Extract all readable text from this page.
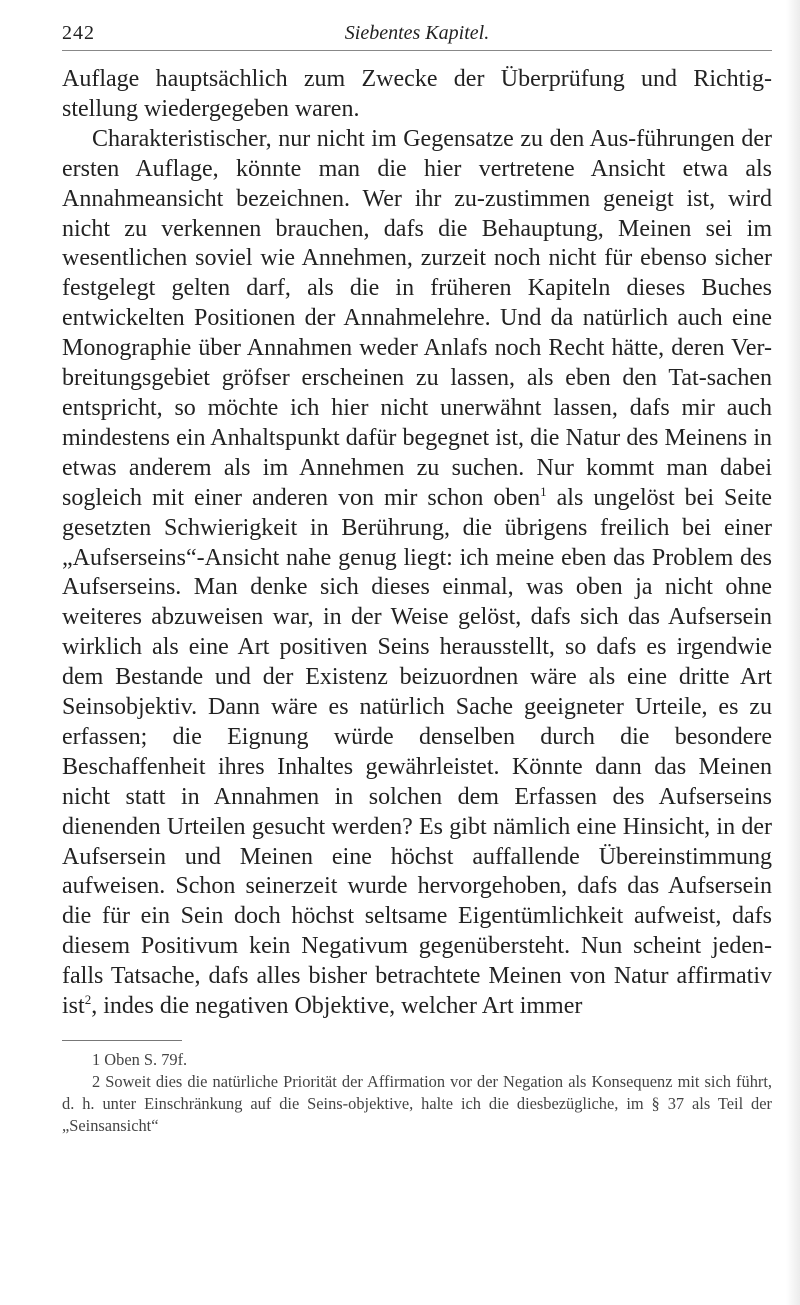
242	Siebentes Kapitel.

Auflage hauptsächlich zum Zwecke der Überprüfung und Richtig-stellung wiedergegeben waren.

Charakteristischer, nur nicht im Gegensatze zu den Aus-führungen der ersten Auflage, könnte man die hier vertretene Ansicht etwa als Annahmeansicht bezeichnen. Wer ihr zu-zustimmen geneigt ist, wird nicht zu verkennen brauchen, dafs die Behauptung, Meinen sei im wesentlichen soviel wie Annehmen, zurzeit noch nicht für ebenso sicher festgelegt gelten darf, als die in früheren Kapiteln dieses Buches entwickelten Positionen der Annahmelehre. Und da natürlich auch eine Monographie über Annahmen weder Anlafs noch Recht hätte, deren Ver-breitungsgebiet gröfser erscheinen zu lassen, als eben den Tat-sachen entspricht, so möchte ich hier nicht unerwähnt lassen, dafs mir auch mindestens ein Anhaltspunkt dafür begegnet ist, die Natur des Meinens in etwas anderem als im Annehmen zu suchen. Nur kommt man dabei sogleich mit einer anderen von mir schon oben$^1$ als ungelöst bei Seite gesetzten Schwierigkeit in Berührung, die übrigens freilich bei einer „Aufserseins“-Ansicht nahe genug liegt: ich meine eben das Problem des Aufserseins. Man denke sich dieses einmal, was oben ja nicht ohne weiteres abzuweisen war, in der Weise gelöst, dafs sich das Aufsersein wirklich als eine Art positiven Seins herausstellt, so dafs es irgendwie dem Bestande und der Existenz beizuordnen wäre als eine dritte Art Seinsobjektiv. Dann wäre es natürlich Sache geeigneter Urteile, es zu erfassen; die Eignung würde denselben durch die besondere Beschaffenheit ihres Inhaltes gewährleistet. Könnte dann das Meinen nicht statt in Annahmen in solchen dem Erfassen des Aufserseins dienenden Urteilen gesucht werden? Es gibt nämlich eine Hinsicht, in der Aufsersein und Meinen eine höchst auffallende Übereinstimmung aufweisen. Schon seinerzeit wurde hervorgehoben, dafs das Aufsersein die für ein Sein doch höchst seltsame Eigentümlichkeit aufweist, dafs diesem Positivum kein Negativum gegenübersteht. Nun scheint jeden-falls Tatsache, dafs alles bisher betrachtete Meinen von Natur affirmativ ist$^2$, indes die negativen Objektive, welcher Art immer

1 Oben S. 79f.

2 Soweit dies die natürliche Priorität der Affirmation vor der Negation als Konsequenz mit sich führt, d. h. unter Einschränkung auf die Seins-objektive, halte ich die diesbezügliche, im § 37 als Teil der „Seinsansicht“
